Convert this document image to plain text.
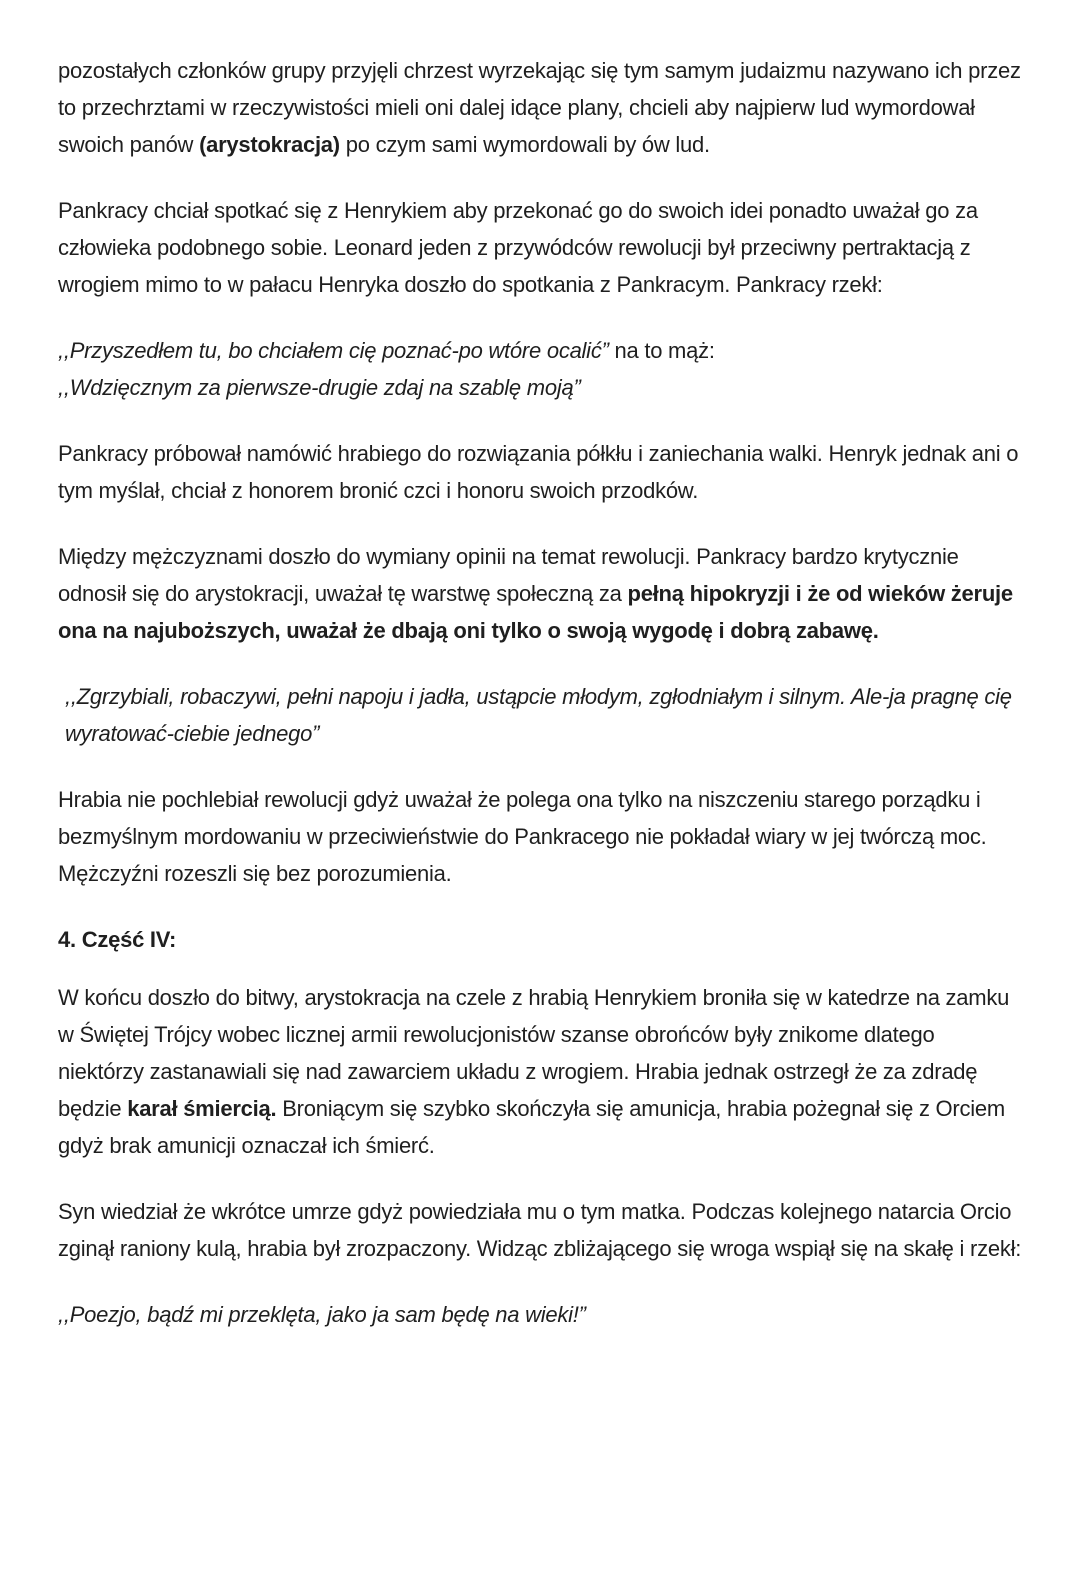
pozostałych członków grupy przyjęli chrzest wyrzekając się tym samym judaizmu nazywano ich przez to przechrztami w rzeczywistości mieli oni dalej idące plany, chcieli aby najpierw lud wymordował swoich panów (arystokracja) po czym sami wymordowali by ów lud.

Pankracy chciał spotkać się z Henrykiem aby przekonać go do swoich idei ponadto uważał go za człowieka podobnego sobie. Leonard jeden z przywódców rewolucji był przeciwny pertraktacją z wrogiem mimo to w pałacu Henryka doszło do spotkania z Pankracym. Pankracy rzekł:

,,Przyszedłem tu, bo chciałem cię poznać-po wtóre ocalić” na to mąż:
,,Wdzięcznym za pierwsze-drugie zdaj na szablę moją”

Pankracy próbował namówić hrabiego do rozwiązania półkłu i zaniechania walki. Henryk jednak ani o tym myślał, chciał z honorem bronić czci i honoru swoich przodków.

Między mężczyznami doszło do wymiany opinii na temat rewolucji. Pankracy bardzo krytycznie odnosił się do arystokracji, uważał tę warstwę społeczną za pełną hipokryzji i że od wieków żeruje ona na najuboższych, uważał że dbają oni tylko o swoją wygodę i dobrą zabawę.

,,Zgrzybiali, robaczywi, pełni napoju i jadła, ustąpcie młodym, zgłodniałym i silnym. Ale-ja pragnę cię wyratować-ciebie jednego”

Hrabia nie pochlebiał rewolucji gdyż uważał że polega ona tylko na niszczeniu starego porządku i bezmyślnym mordowaniu w przeciwieństwie do Pankracego nie pokładał wiary w jej twórczą moc. Mężczyźni rozeszli się bez porozumienia.

4. Część IV:

W końcu doszło do bitwy, arystokracja na czele z hrabią Henrykiem broniła się w katedrze na zamku w Świętej Trójcy wobec licznej armii rewolucjonistów szanse obrońców były znikome dlatego niektórzy zastanawiali się nad zawarciem układu z wrogiem. Hrabia jednak ostrzegł że za zdradę będzie karał śmiercią. Broniącym się szybko skończyła się amunicja, hrabia pożegnał się z Orciem gdyż brak amunicji oznaczał ich śmierć.

Syn wiedział że wkrótce umrze gdyż powiedziała mu o tym matka. Podczas kolejnego natarcia Orcio zginął raniony kulą, hrabia był zrozpaczony. Widząc zbliżającego się wroga wspiął się na skałę i rzekł:

,,Poezjo, bądź mi przeklęta, jako ja sam będę na wieki!”
